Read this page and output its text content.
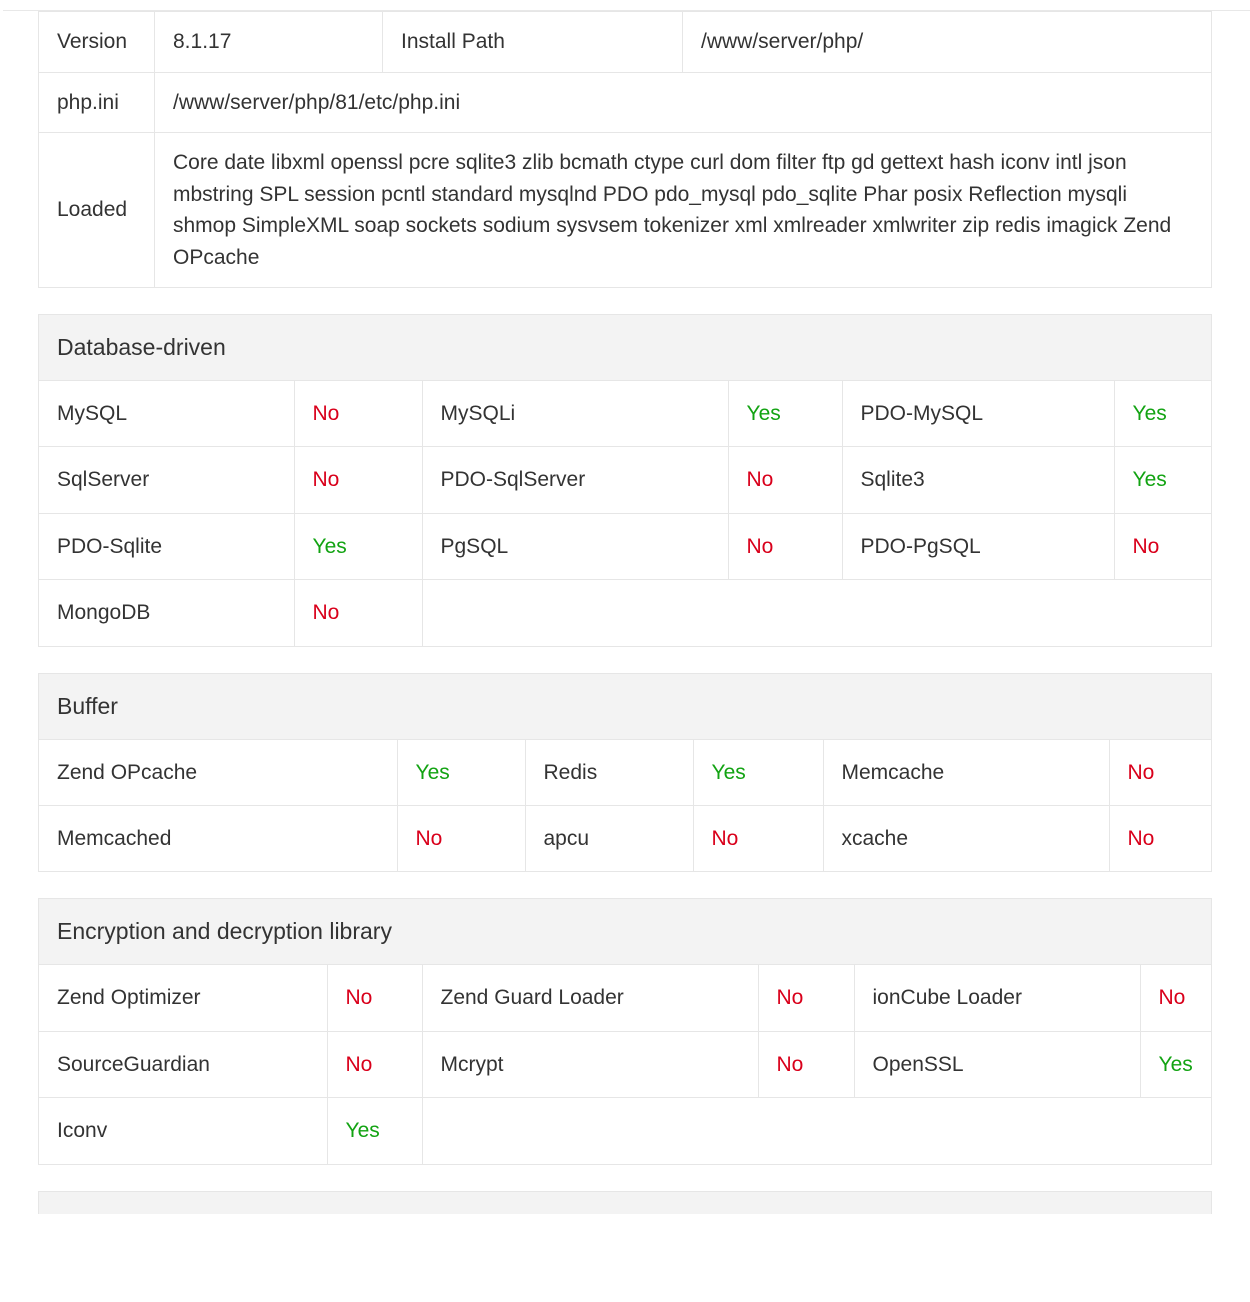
Version	8.1.17	Install Path	/www/server/php/
php.ini	/www/server/php/81/etc/php.ini		
Loaded	Core date libxml openssl pcre sqlite3 zlib bcmath ctype curl dom filter ftp gd gettext hash iconv intl json mbstring SPL session pcntl standard mysqlnd PDO pdo_mysql pdo_sqlite Phar posix Reflection mysqli shmop SimpleXML soap sockets sodium sysvsem tokenizer xml xmlreader xmlwriter zip redis imagick Zend OPcache		
Database-driven
MySQL	No	MySQLi	Yes	PDO-MySQL	Yes
SqlServer	No	PDO-SqlServer	No	Sqlite3	Yes
PDO-Sqlite	Yes	PgSQL	No	PDO-PgSQL	No
MongoDB	No				
Buffer
Zend OPcache	Yes	Redis	Yes	Memcache	No
Memcached	No	apcu	No	xcache	No
Encryption and decryption library
Zend Optimizer	No	Zend Guard Loader	No	ionCube Loader	No
SourceGuardian	No	Mcrypt	No	OpenSSL	Yes
Iconv	Yes				
